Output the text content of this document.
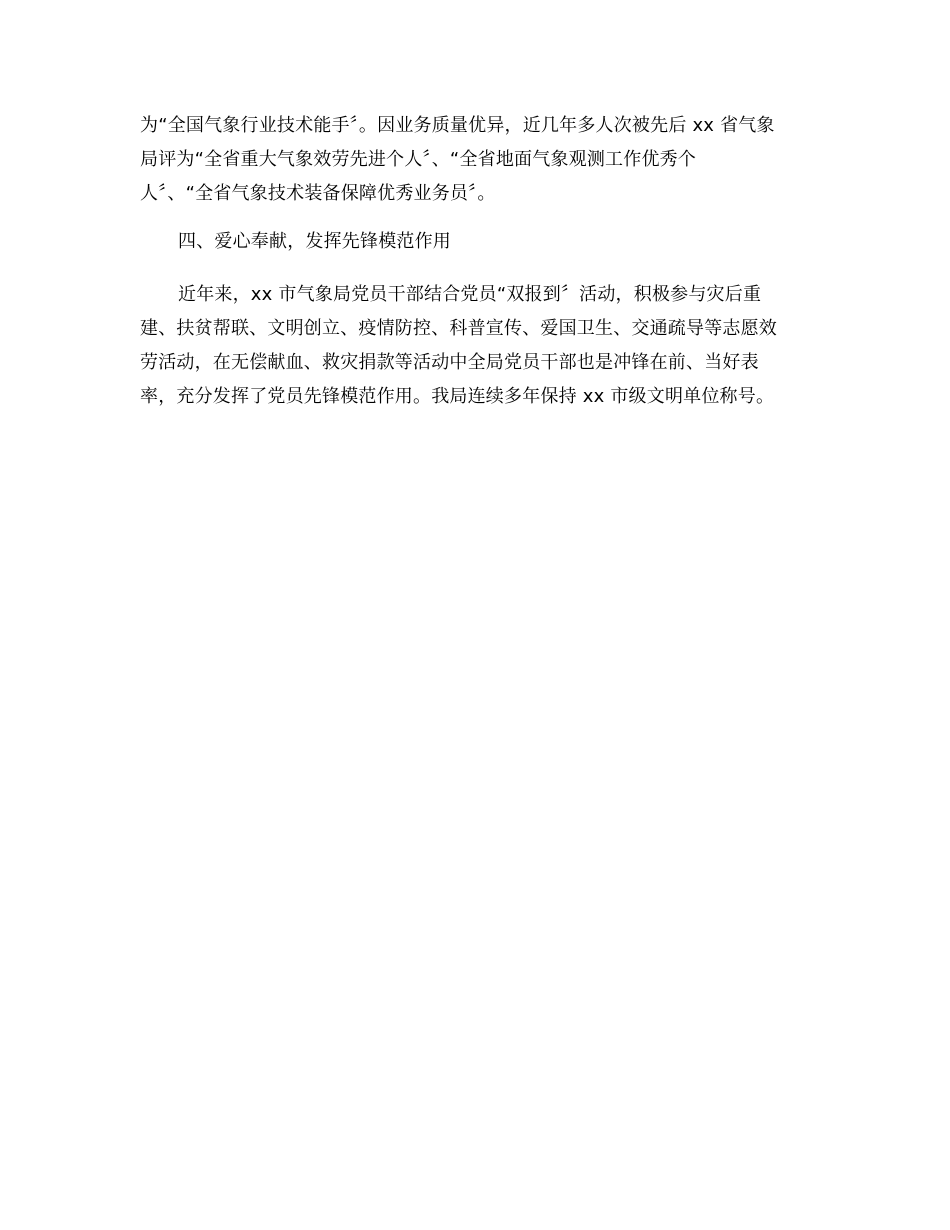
为“全国气象行业技术能手〞。因业务质量优异，近几年多人次被先后 xx 省气象
局评为“全省重大气象效劳先进个人〞、“全省地面气象观测工作优秀个
人〞、“全省气象技术装备保障优秀业务员〞。
四、爱心奉献，发挥先锋模范作用
近年来，xx 市气象局党员干部结合党员“双报到〞活动，积极参与灾后重
建、扶贫帮联、文明创立、疫情防控、科普宣传、爱国卫生、交通疏导等志愿效
劳活动，在无偿献血、救灾捐款等活动中全局党员干部也是冲锋在前、当好表
率，充分发挥了党员先锋模范作用。我局连续多年保持 xx 市级文明单位称号。
